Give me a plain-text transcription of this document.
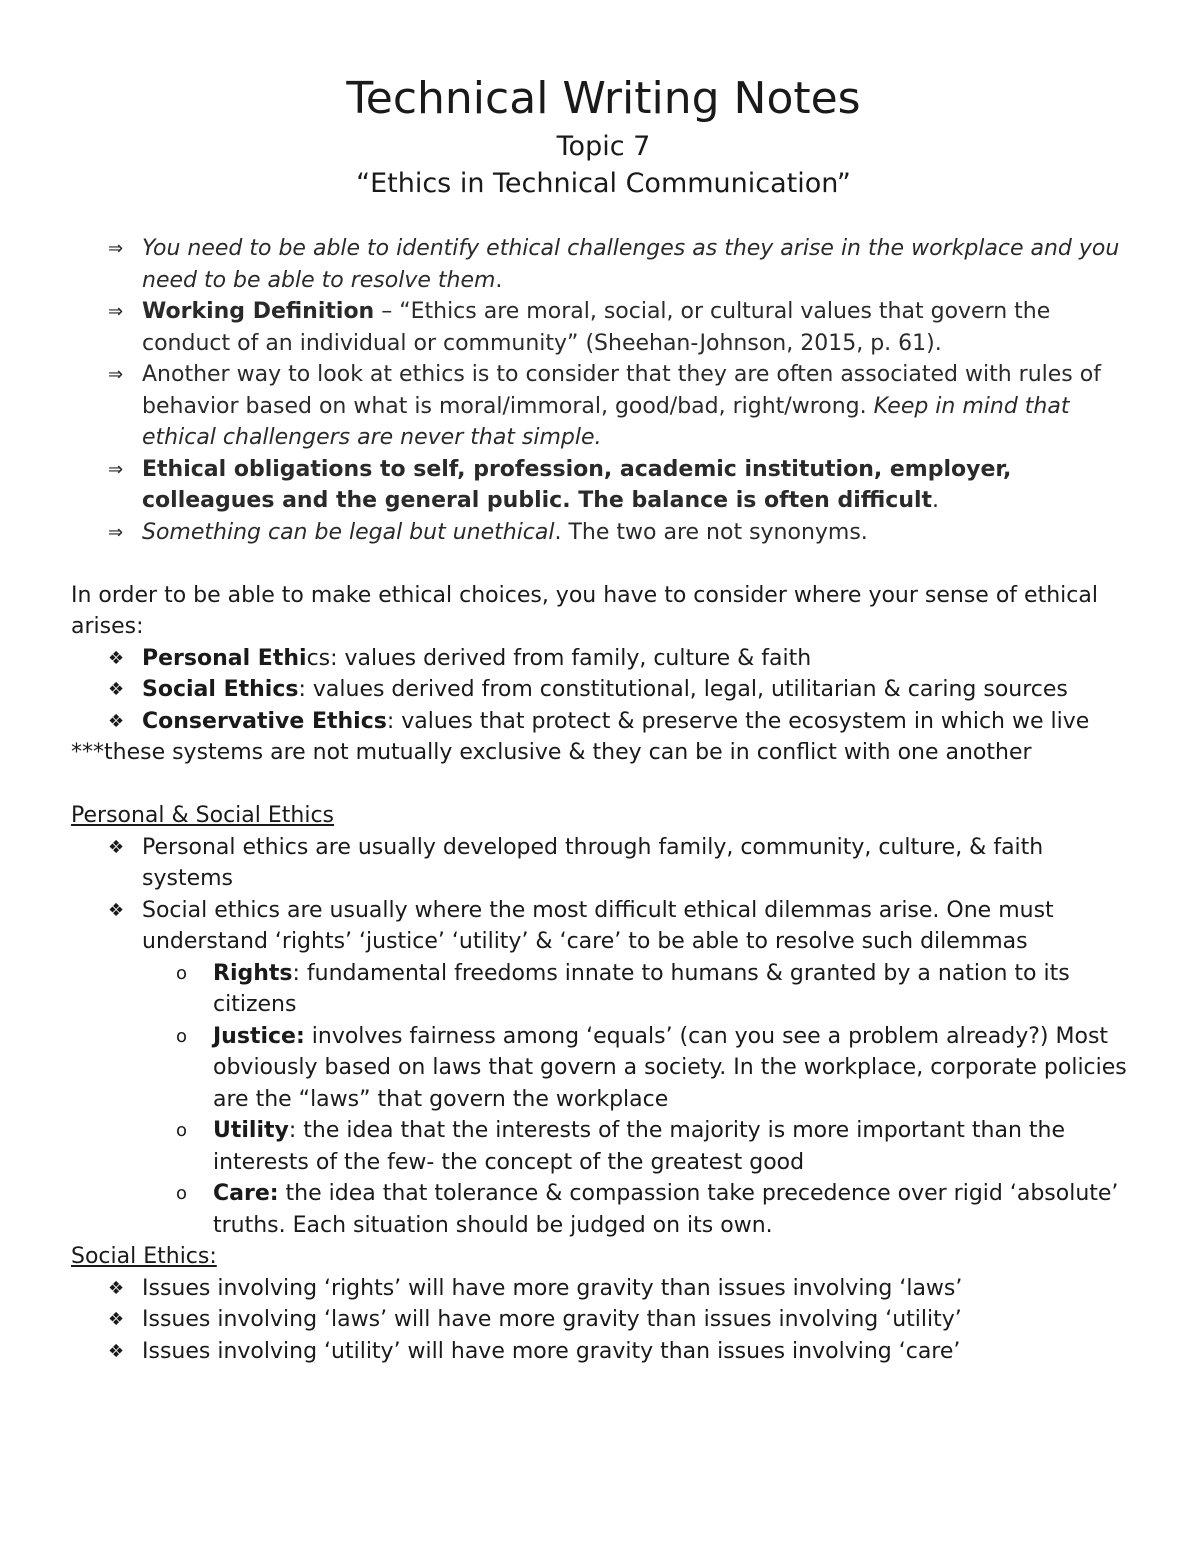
Technical Writing Notes
Topic 7
“Ethics in Technical Communication”
⇒ You need to be able to identify ethical challenges as they arise in the workplace and you need to be able to resolve them.
⇒ Working Definition – “Ethics are moral, social, or cultural values that govern the conduct of an individual or community” (Sheehan-Johnson, 2015, p. 61).
⇒ Another way to look at ethics is to consider that they are often associated with rules of behavior based on what is moral/immoral, good/bad, right/wrong. Keep in mind that ethical challengers are never that simple.
⇒ Ethical obligations to self, profession, academic institution, employer, colleagues and the general public. The balance is often difficult.
⇒ Something can be legal but unethical. The two are not synonyms.

In order to be able to make ethical choices, you have to consider where your sense of ethical arises:

❖ Personal Ethics: values derived from family, culture & faith
❖ Social Ethics: values derived from constitutional, legal, utilitarian & caring sources
❖ Conservative Ethics: values that protect & preserve the ecosystem in which we live

***these systems are not mutually exclusive & they can be in conflict with one another

Personal & Social Ethics

❖ Personal ethics are usually developed through family, community, culture, & faith systems
❖ Social ethics are usually where the most difficult ethical dilemmas arise. One must understand ‘rights’ ‘justice’ ‘utility’ & ‘care’ to be able to resolve such dilemmas
o	Rights: fundamental freedoms innate to humans & granted by a nation to its citizens
o	Justice: involves fairness among ‘equals’ (can you see a problem already?) Most obviously based on laws that govern a society. In the workplace, corporate policies are the “laws” that govern the workplace
o	Utility: the idea that the interests of the majority is more important than the interests of the few- the concept of the greatest good
o	Care: the idea that tolerance & compassion take precedence over rigid ‘absolute’ truths. Each situation should be judged on its own.

Social Ethics:

❖ Issues involving ‘rights’ will have more gravity than issues involving ‘laws’
❖ Issues involving ‘laws’ will have more gravity than issues involving ‘utility’
❖ Issues involving ‘utility’ will have more gravity than issues involving ‘care’
